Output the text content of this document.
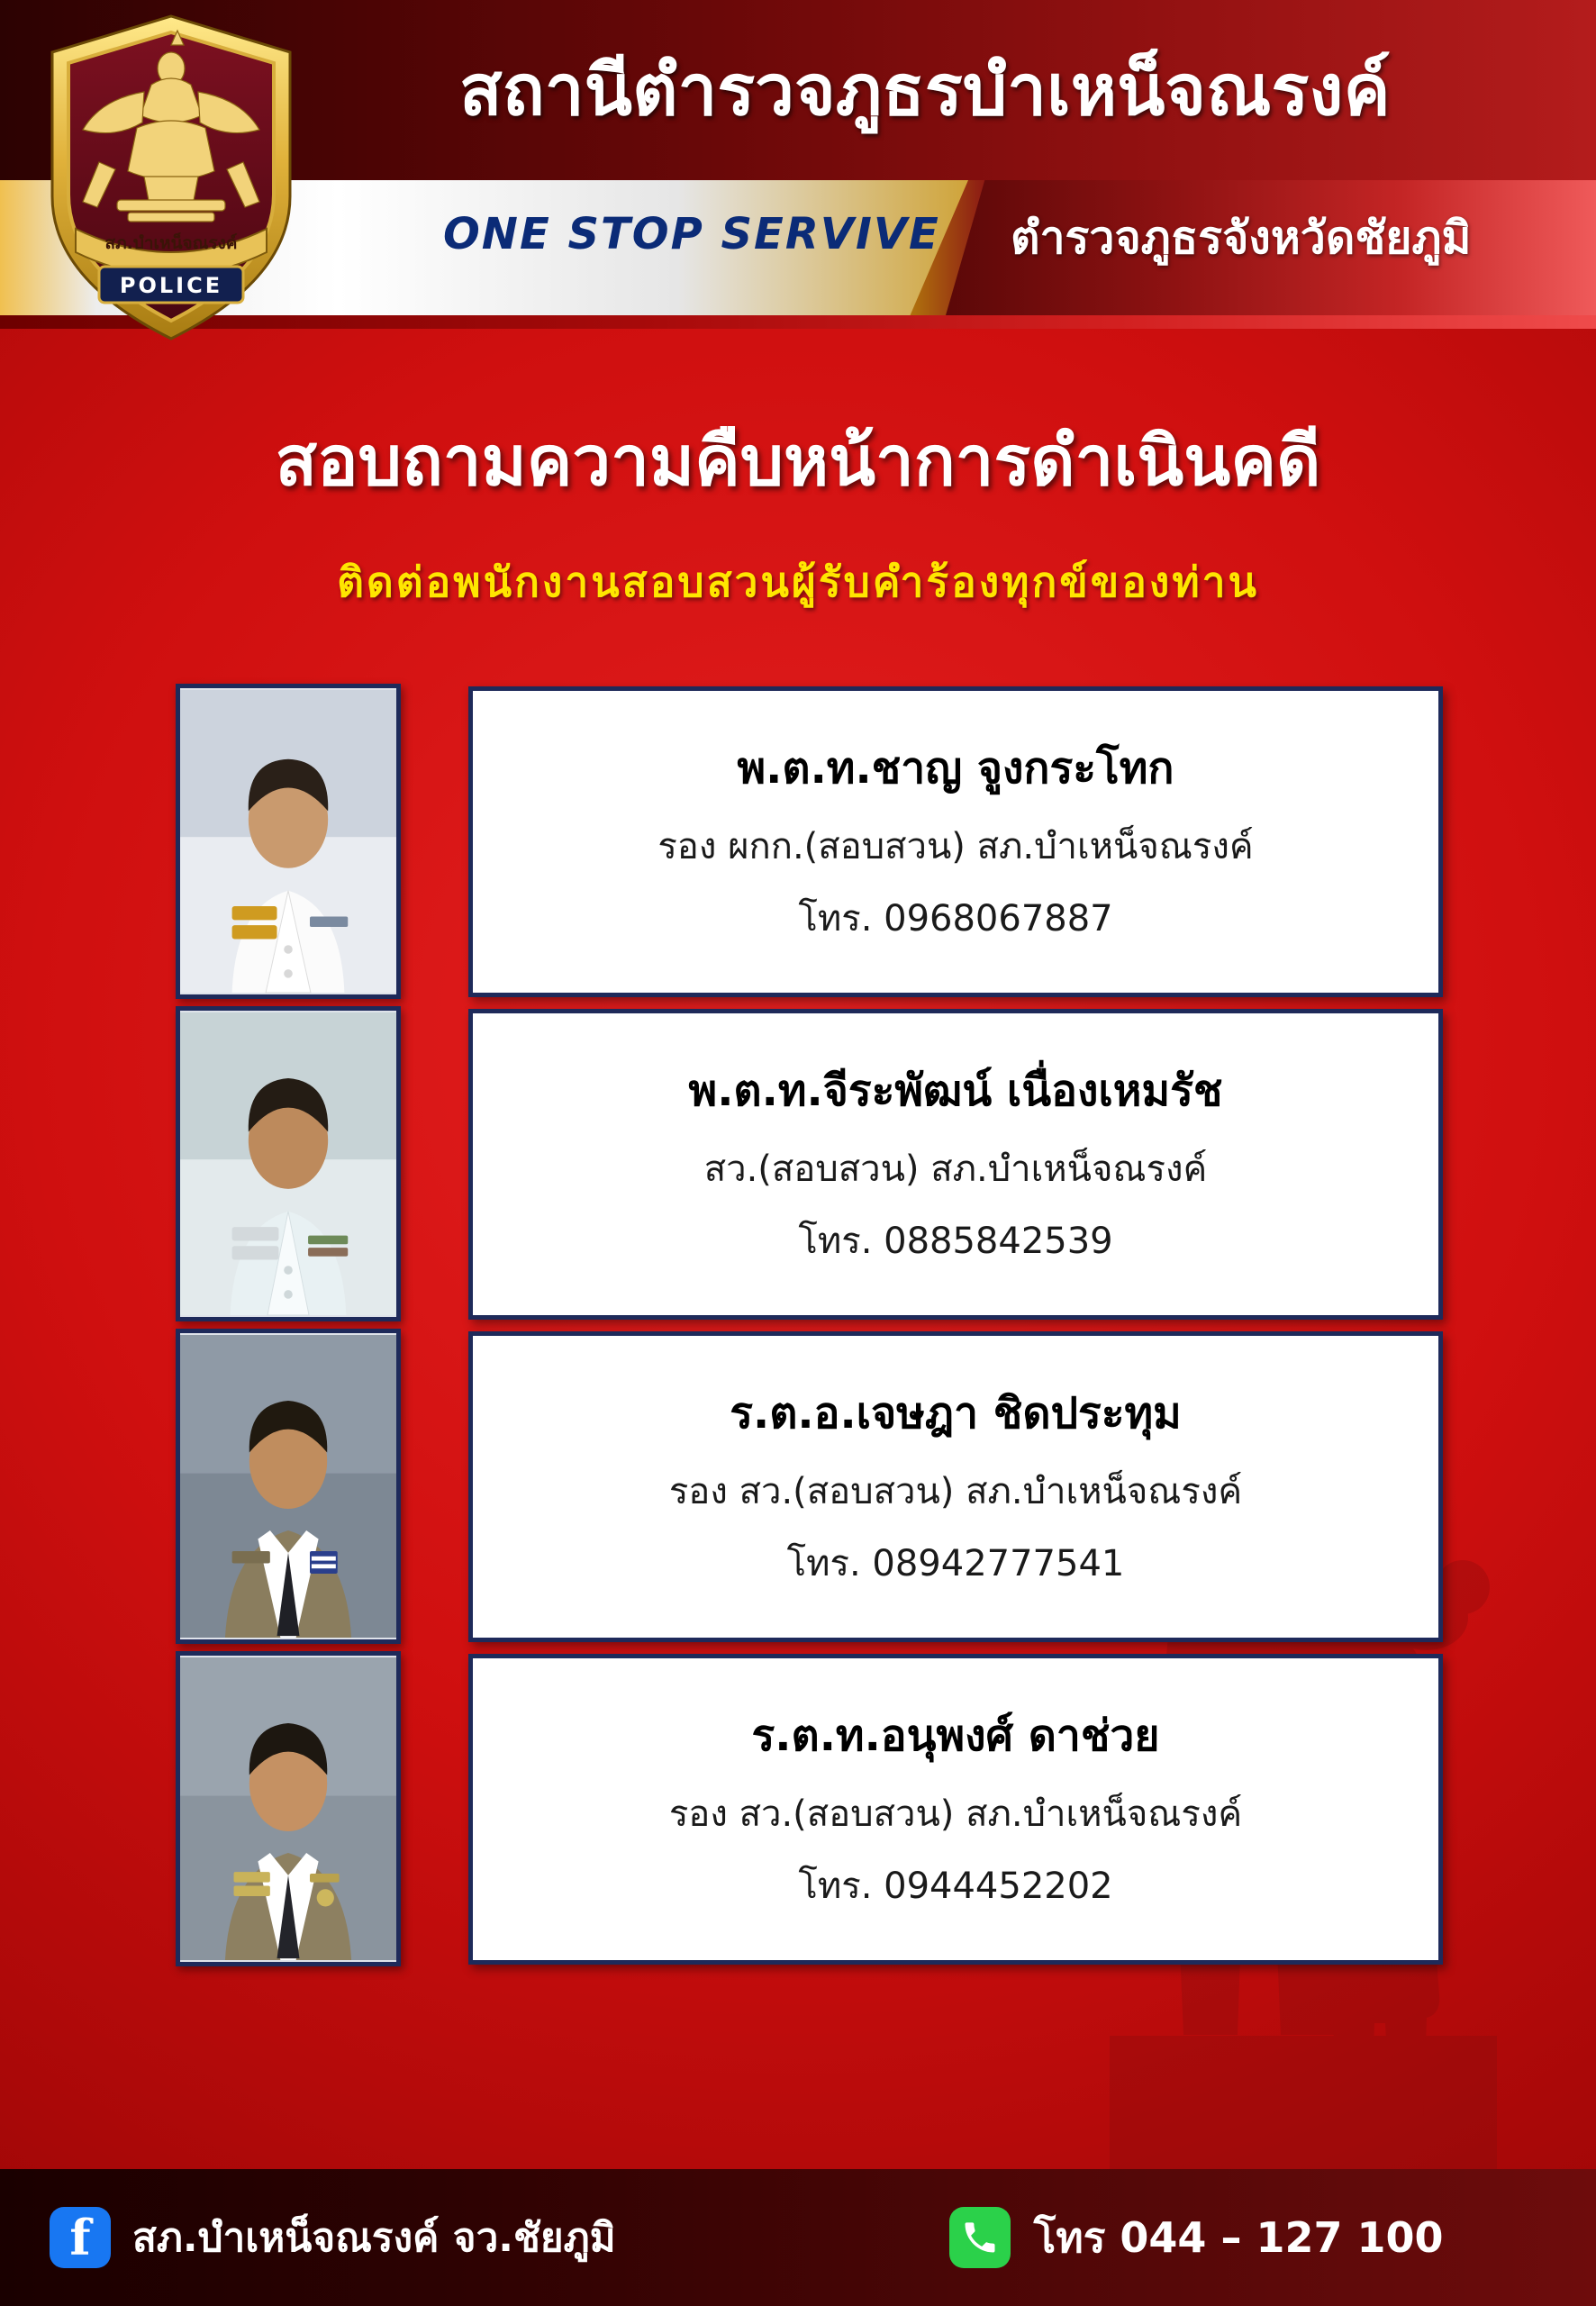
สถานีตำรวจภูธรบำเหน็จณรงค์
ONE STOP SERVIVE ตำรวจภูธรจังหวัดชัยภูมิ
สภ.บำเหน็จณรงค์
POLICE
สอบถามความคืบหน้าการดำเนินคดี
ติดต่อพนักงานสอบสวนผู้รับคำร้องทุกข์ของท่าน
พ.ต.ท.ชาญ จูงกระโทก
รอง ผกก.(สอบสวน) สภ.บำเหน็จณรงค์
โทร. 0968067887
พ.ต.ท.จีระพัฒน์ เนื่องเหมรัช
สว.(สอบสวน) สภ.บำเหน็จณรงค์
โทร. 0885842539
ร.ต.อ.เจษฎา ชิดประทุม
รอง สว.(สอบสวน) สภ.บำเหน็จณรงค์
โทร. 08942777541
ร.ต.ท.อนุพงศ์ ดาช่วย
รอง สว.(สอบสวน) สภ.บำเหน็จณรงค์
โทร. 0944452202
f	สภ.บำเหน็จณรงค์ จว.ชัยภูมิ	โทร 044 – 127 100
